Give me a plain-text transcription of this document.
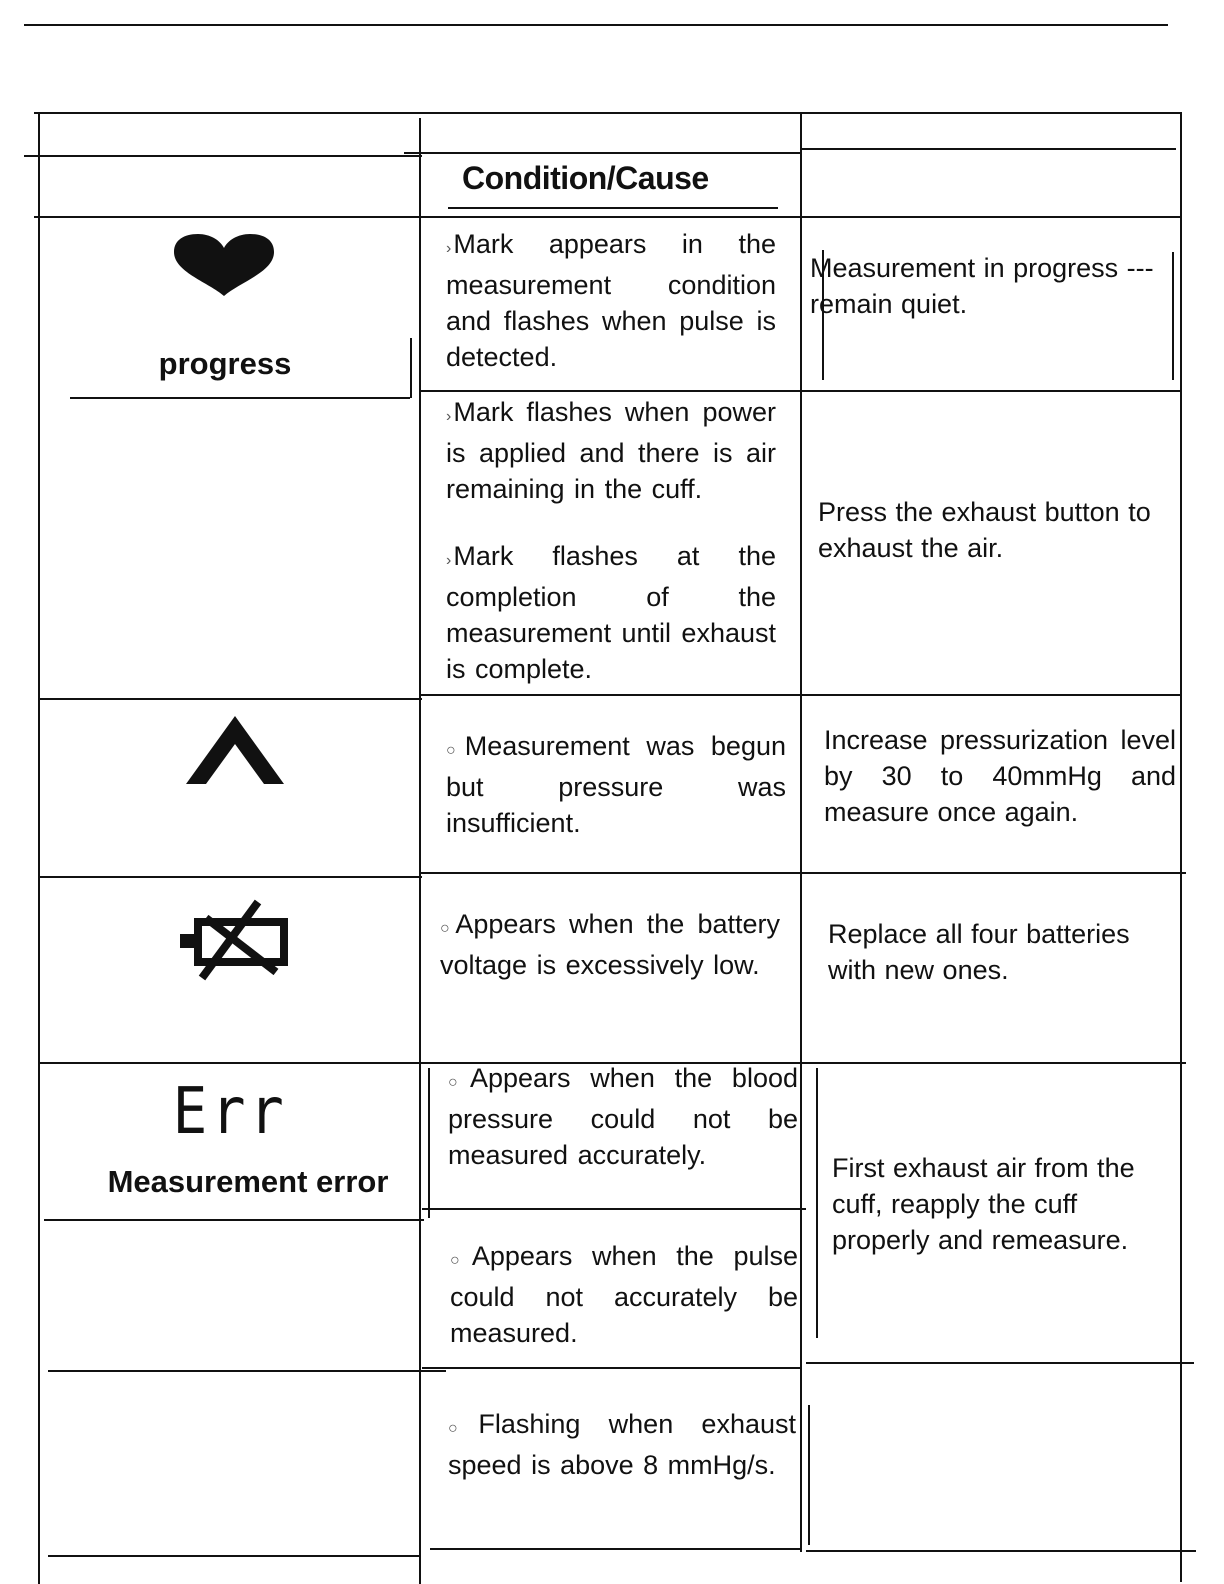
Condition/Cause
progress
›Mark appears in the measurement condition and flashes when pulse is detected.
Measurement in progress ---remain quiet.
›Mark flashes when power is applied and there is air remaining in the cuff.
›Mark flashes at the completion of the measurement until exhaust is complete.
Press the exhaust button to exhaust the air.
○Measurement was begun but pressure was insufficient.
Increase pressurization level by 30 to 40mmHg and measure once again.
○Appears when the battery voltage is excessively low.
Replace all four batteries with new ones.
Err
Measurement error
○Appears when the blood pressure could not be measured accurately.	First exhaust air from the cuff, reapply the cuff properly and remeasure.
○Appears when the pulse could not accurately be measured.
○Flashing when exhaust speed is above 8 mmHg/s.
